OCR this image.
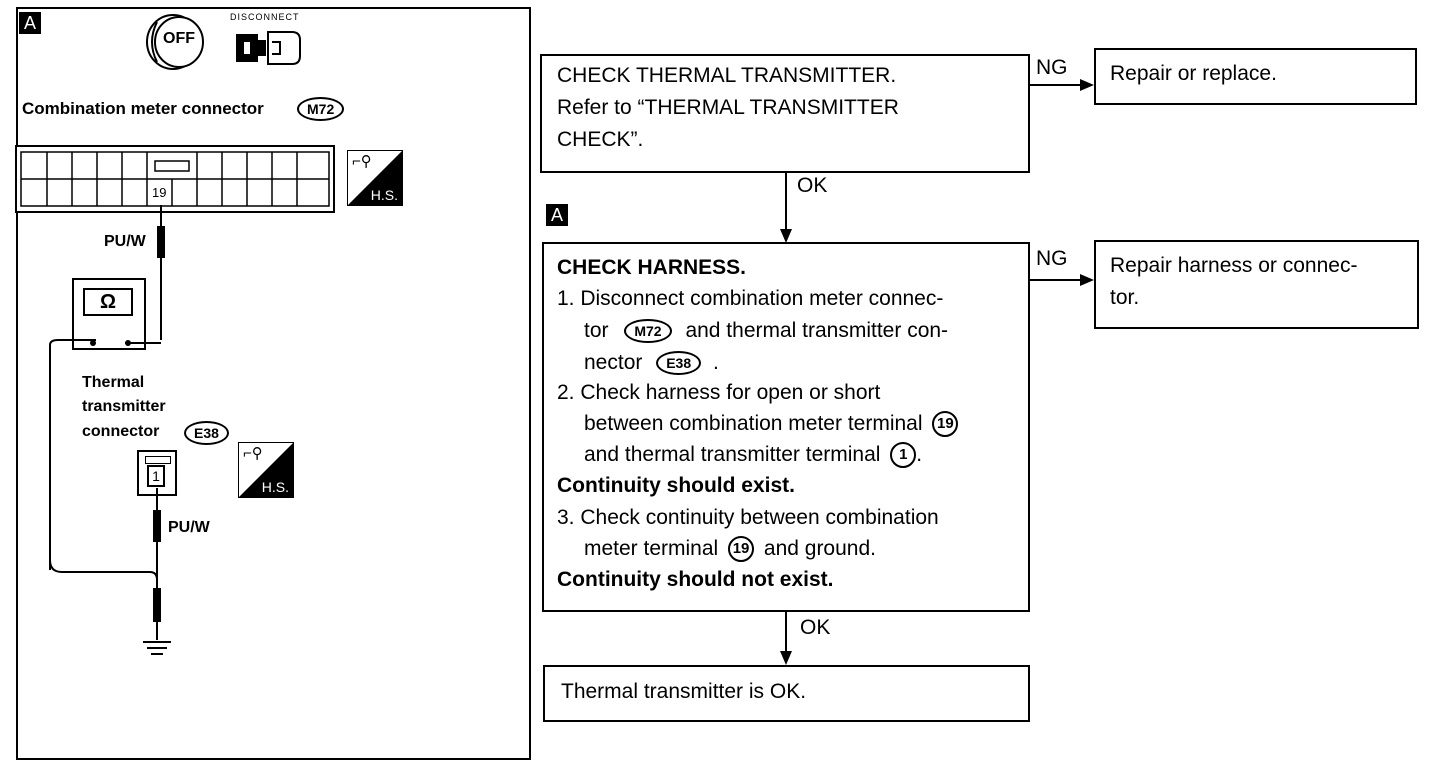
A
OFF
DISCONNECT
Combination meter connector	M72
19
⌐⚲
H.S.
PU/W
Ω
Thermal
transmitter
connector	E38
1
⌐⚲
H.S.
PU/W
CHECK THERMAL TRANSMITTER.
Refer to “THERMAL TRANSMITTER
CHECK”.
NG Repair or replace.
OK
A
CHECK HARNESS.
1. Disconnect combination meter connec-
tor M72 and thermal transmitter con-
nector E38 .
2. Check harness for open or short
between combination meter terminal 19
and thermal transmitter terminal 1 .
Continuity should exist.
3. Check continuity between combination
meter terminal 19 and ground.
Continuity should not exist.
NG Repair harness or connec-
tor.
OK
Thermal transmitter is OK.
